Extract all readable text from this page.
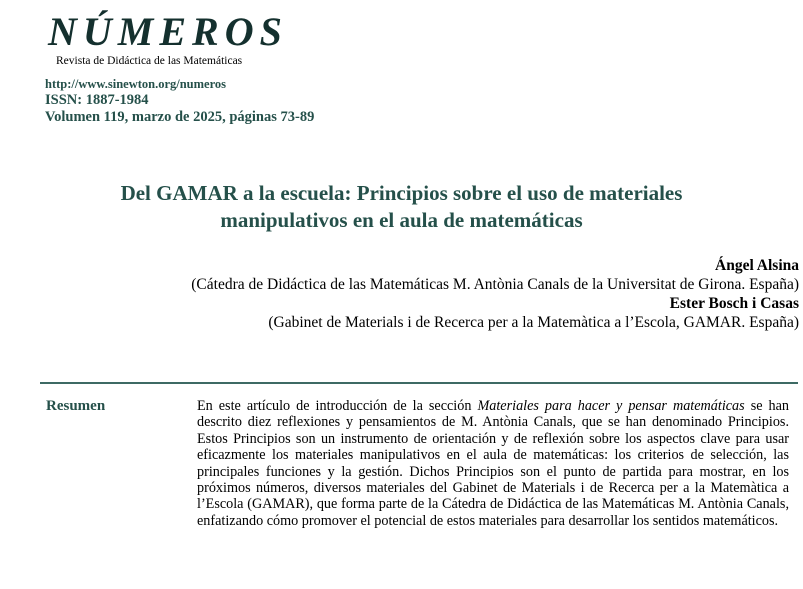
NÚMEROS
Revista de Didáctica de las Matemáticas
http://www.sinewton.org/numeros
ISSN: 1887-1984
Volumen 119, marzo de 2025, páginas 73-89
Del GAMAR a la escuela: Principios sobre el uso de materiales
manipulativos en el aula de matemáticas
Ángel Alsina
(Cátedra de Didáctica de las Matemáticas M. Antònia Canals de la Universitat de Girona. España)
Ester Bosch i Casas
(Gabinet de Materials i de Recerca per a la Matemàtica a l’Escola, GAMAR. España)
Resumen	En este artículo de introducción de la sección Materiales para hacer y pensar matemáticas se han descrito diez reflexiones y pensamientos de M. Antònia Canals, que se han denominado Principios. Estos Principios son un instrumento de orientación y de reflexión sobre los aspectos clave para usar eficazmente los materiales manipulativos en el aula de matemáticas: los criterios de selección, las principales funciones y la gestión. Dichos Principios son el punto de partida para mostrar, en los próximos números, diversos materiales del Gabinet de Materials i de Recerca per a la Matemàtica a l’Escola (GAMAR), que forma parte de la Cátedra de Didáctica de las Matemáticas M. Antònia Canals, enfatizando cómo promover el potencial de estos materiales para desarrollar los sentidos matemáticos.
